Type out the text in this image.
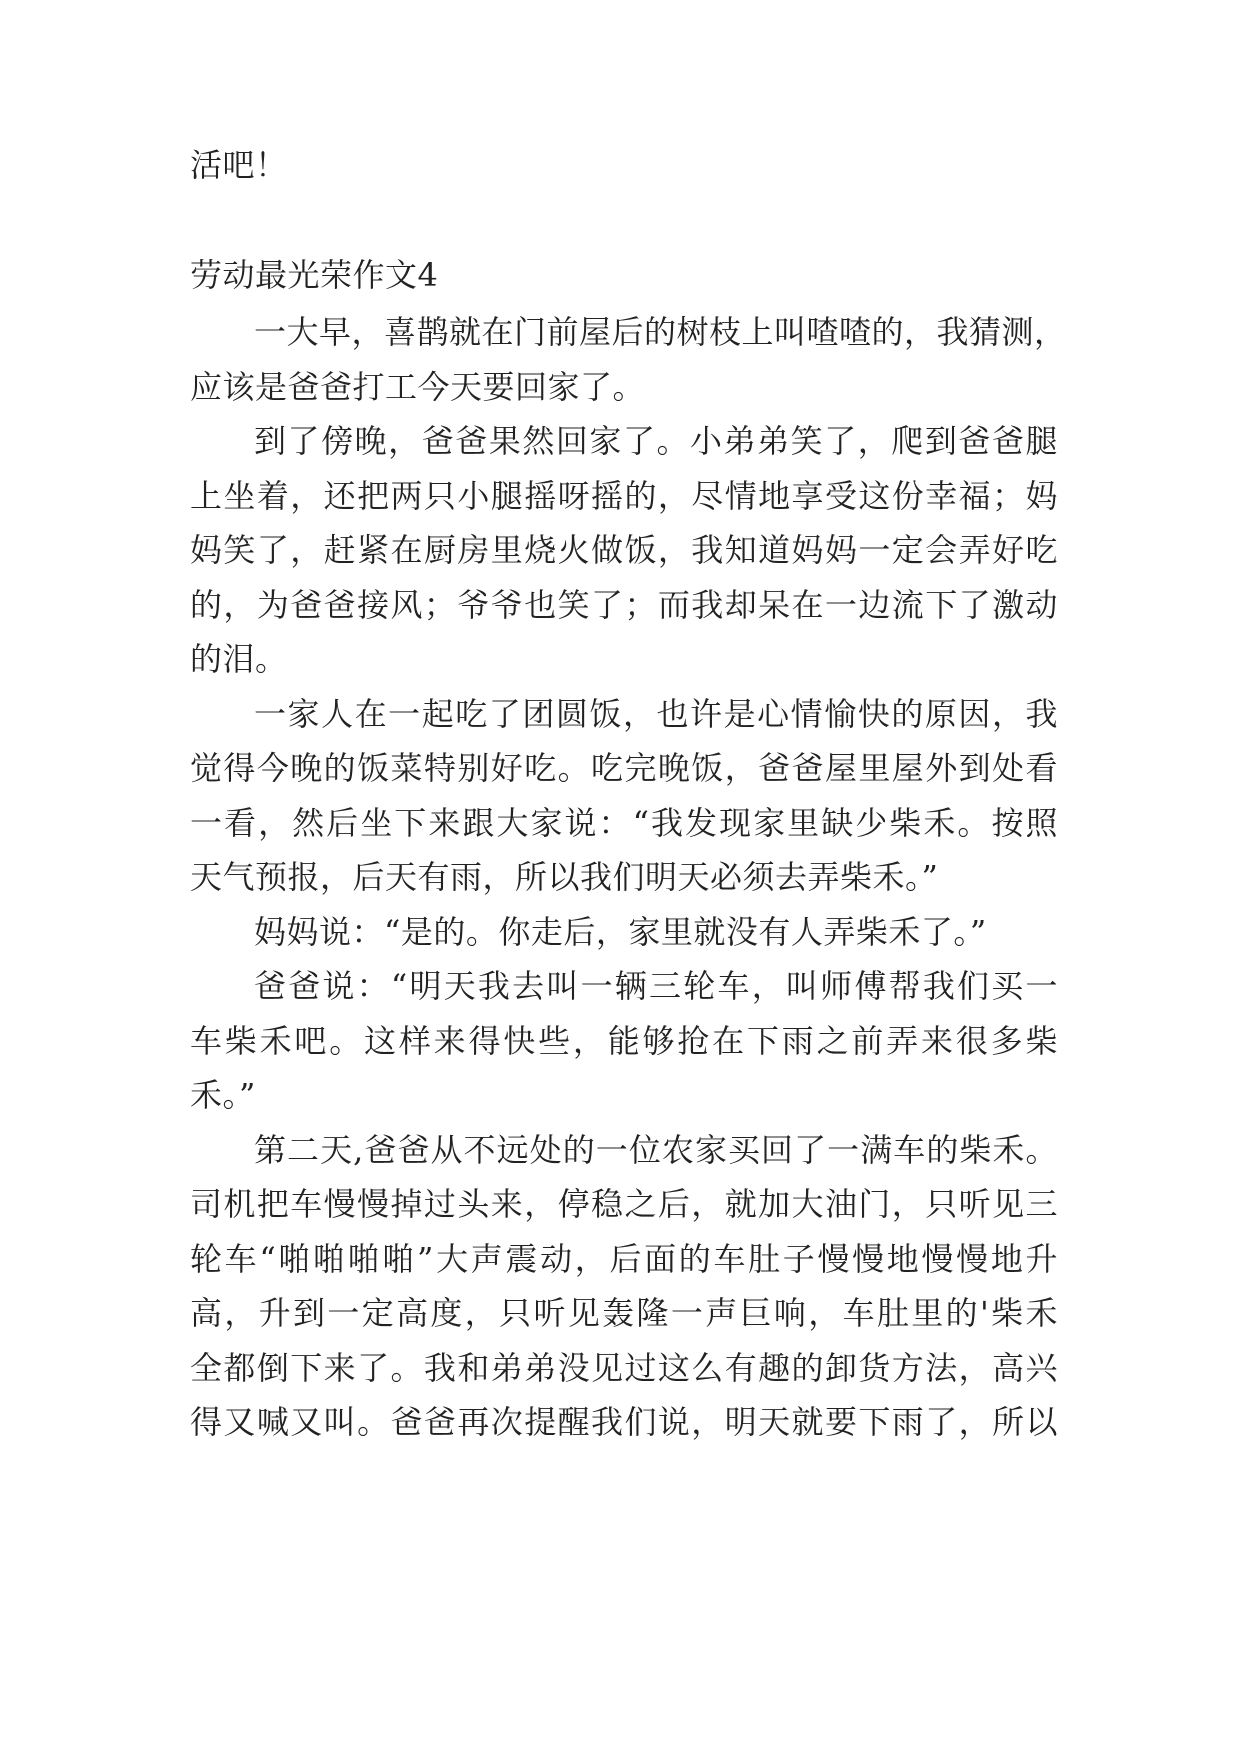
活吧！
劳动最光荣作文4
一大早，喜鹊就在门前屋后的树枝上叫喳喳的，我猜测，
应该是爸爸打工今天要回家了。
到了傍晚，爸爸果然回家了。小弟弟笑了，爬到爸爸腿
上坐着，还把两只小腿摇呀摇的，尽情地享受这份幸福；妈
妈笑了，赶紧在厨房里烧火做饭，我知道妈妈一定会弄好吃
的，为爸爸接风；爷爷也笑了；而我却呆在一边流下了激动
的泪。
一家人在一起吃了团圆饭，也许是心情愉快的原因，我
觉得今晚的饭菜特别好吃。吃完晚饭，爸爸屋里屋外到处看
一看，然后坐下来跟大家说：“我发现家里缺少柴禾。按照
天气预报，后天有雨，所以我们明天必须去弄柴禾。”
妈妈说：“是的。你走后，家里就没有人弄柴禾了。”
爸爸说：“明天我去叫一辆三轮车，叫师傅帮我们买一
车柴禾吧。这样来得快些，能够抢在下雨之前弄来很多柴
禾。”
第二天,爸爸从不远处的一位农家买回了一满车的柴禾。
司机把车慢慢掉过头来，停稳之后，就加大油门，只听见三
轮车“啪啪啪啪”大声震动，后面的车肚子慢慢地慢慢地升
高，升到一定高度，只听见轰隆一声巨响，车肚里的'柴禾
全都倒下来了。我和弟弟没见过这么有趣的卸货方法，高兴
得又喊又叫。爸爸再次提醒我们说，明天就要下雨了，所以
